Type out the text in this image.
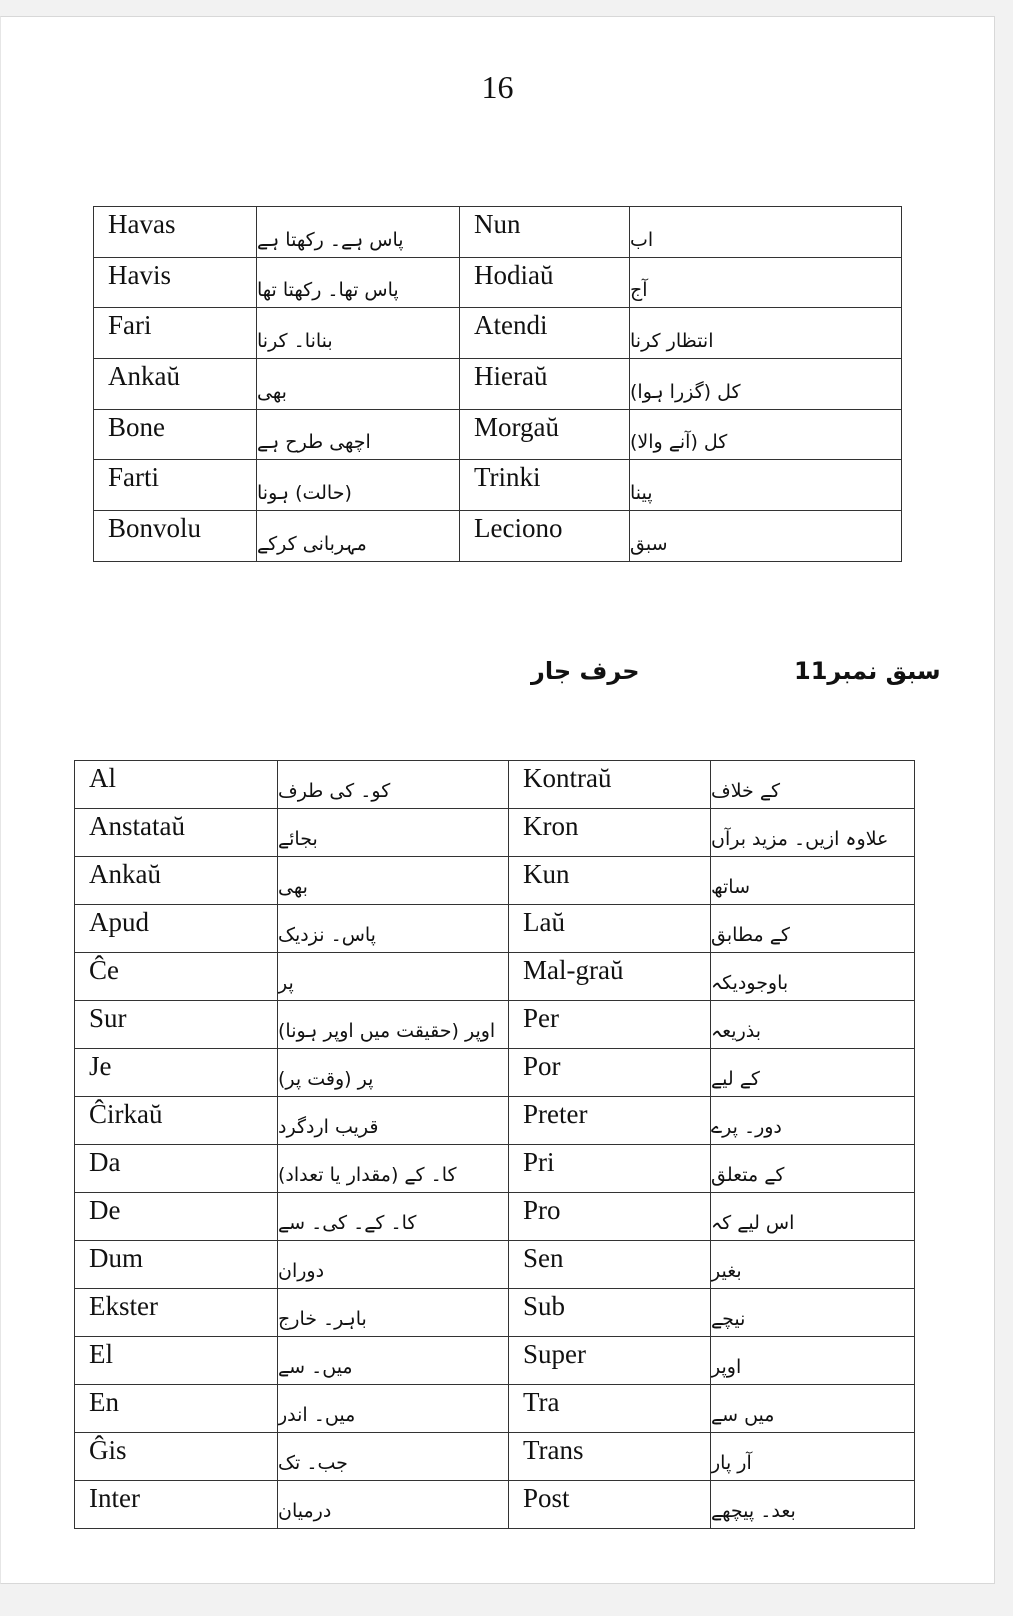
16
Havas	پاس ہے۔ رکھتا ہے	Nun	اب
Havis	پاس تھا۔ رکھتا تھا	Hodiaŭ	آج
Fari	بنانا۔ کرنا	Atendi	انتظار کرنا
Ankaŭ	بھی	Hieraŭ	کل (گزرا ہوا)
Bone	اچھی طرح ہے	Morgaŭ	کل (آنے والا)
Farti	(حالت) ہونا	Trinki	پینا
Bonvolu	مہربانی کرکے	Leciono	سبق
سبق نمبر11
حرف جار
Al	کو۔ کی طرف	Kontraŭ	کے خلاف
Anstataŭ	بجائے	Kron	علاوہ ازیں۔ مزید برآں
Ankaŭ	بھی	Kun	ساتھ
Apud	پاس۔ نزدیک	Laŭ	کے مطابق
Ĉe	پر	Mal-graŭ	باوجودیکہ
Sur	اوپر (حقیقت میں اوپر ہونا)	Per	بذریعہ
Je	پر (وقت پر)	Por	کے لیے
Ĉirkaŭ	قریب اردگرد	Preter	دور۔ پرے
Da	کا۔ کے (مقدار یا تعداد)	Pri	کے متعلق
De	کا۔ کے۔ کی۔ سے	Pro	اس لیے کہ
Dum	دوران	Sen	بغیر
Ekster	باہر۔ خارج	Sub	نیچے
El	میں۔ سے	Super	اوپر
En	میں۔ اندر	Tra	میں سے
Ĝis	جب۔ تک	Trans	آر پار
Inter	درمیان	Post	بعد۔ پیچھے
